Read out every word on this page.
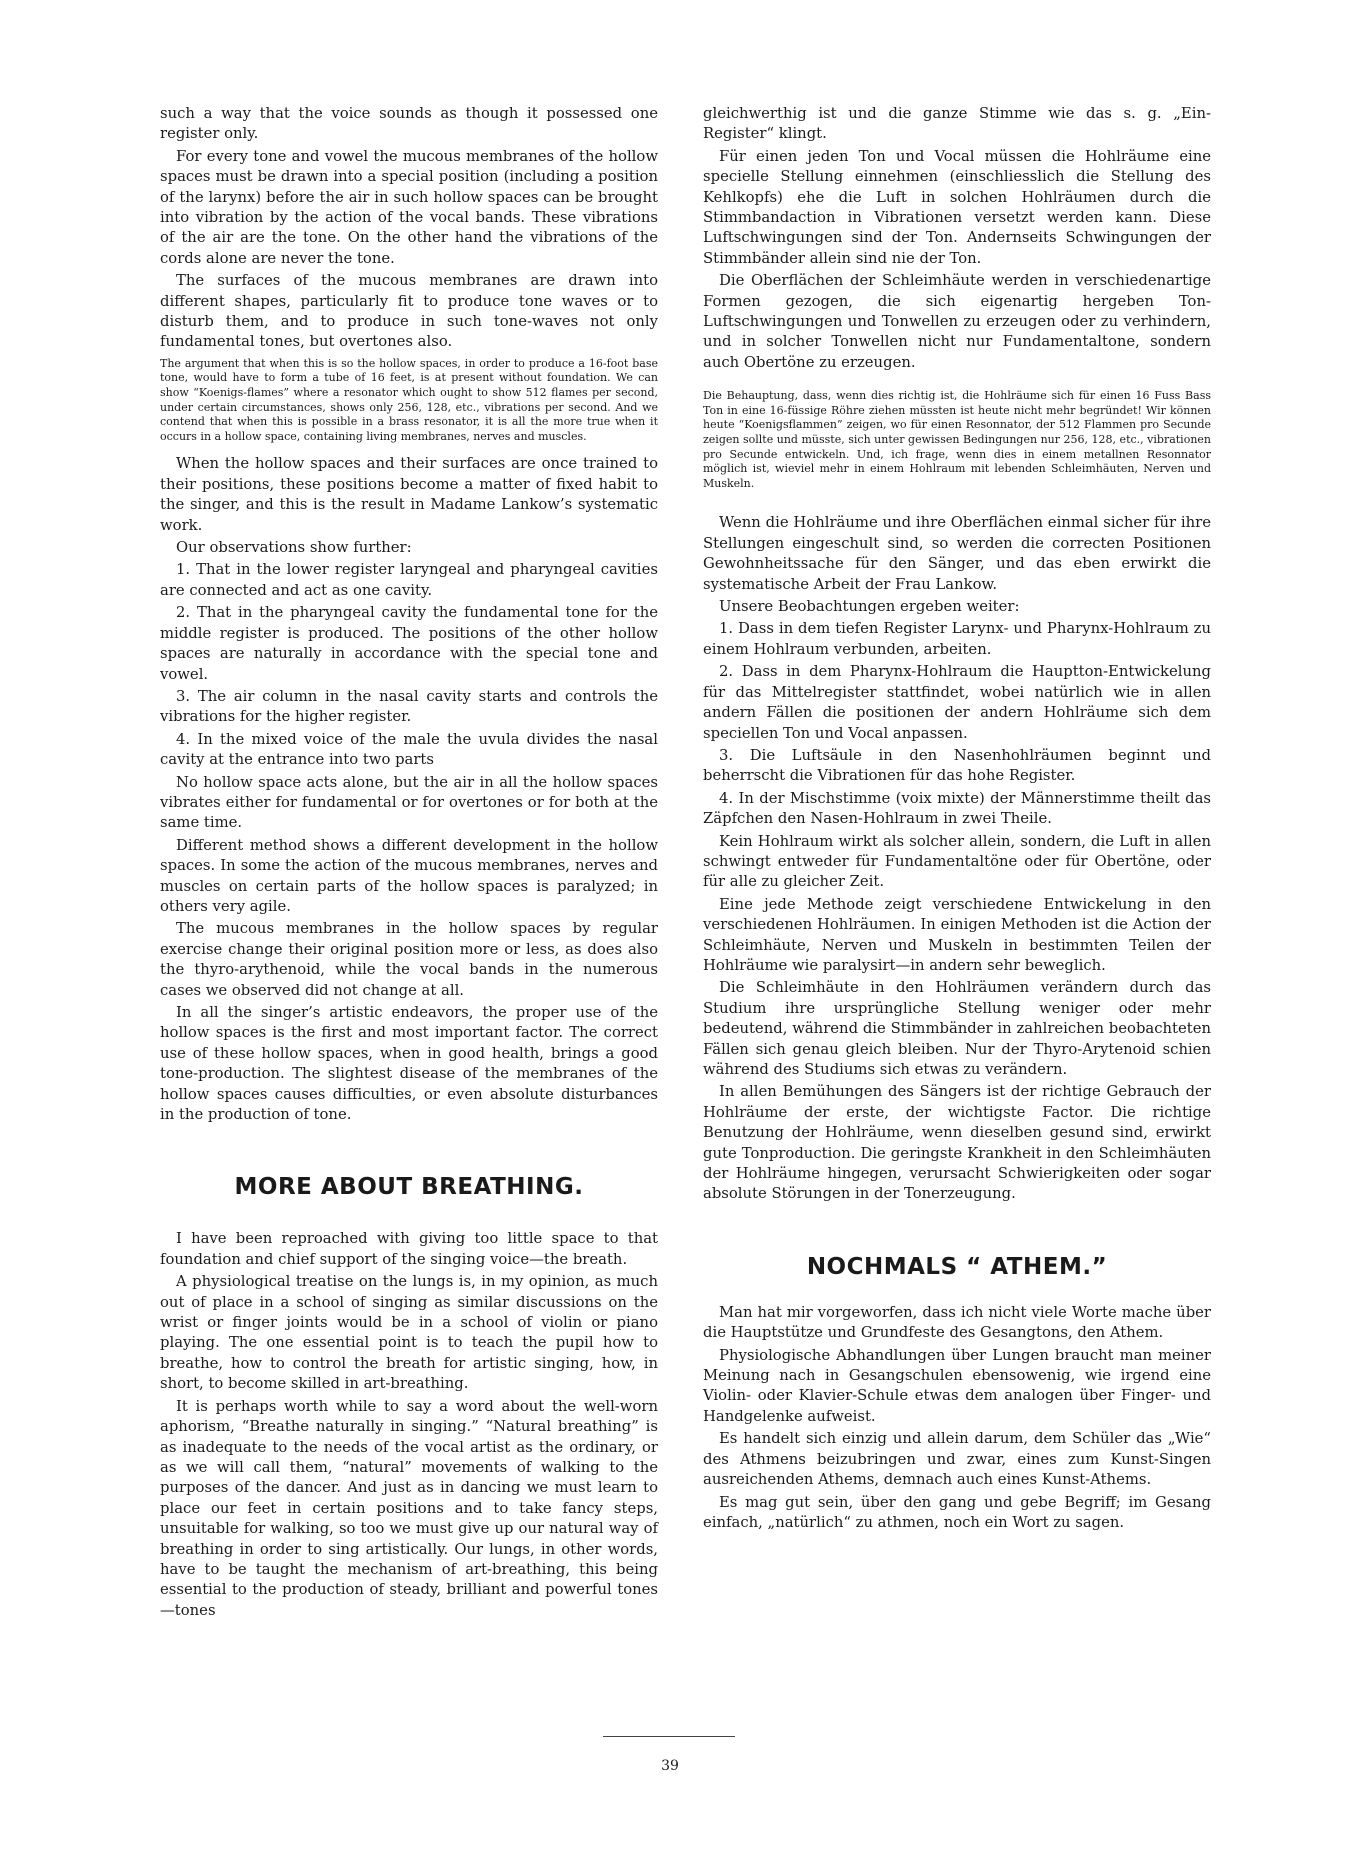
such a way that the voice sounds as though it possessed one register only.

For every tone and vowel the mucous membranes of the hollow spaces must be drawn into a special position (including a position of the larynx) before the air in such hollow spaces can be brought into vibration by the action of the vocal bands. These vibrations of the air are the tone. On the other hand the vibrations of the cords alone are never the tone.

The surfaces of the mucous membranes are drawn into different shapes, particularly fit to produce tone waves or to disturb them, and to produce in such tone-waves not only fundamental tones, but overtones also.

The argument that when this is so the hollow spaces, in order to produce a 16-foot base tone, would have to form a tube of 16 feet, is at present without foundation. We can show “Koenigs-flames” where a resonator which ought to show 512 flames per second, under certain circumstances, shows only 256, 128, etc., vibrations per second. And we contend that when this is possible in a brass resonator, it is all the more true when it occurs in a hollow space, containing living membranes, nerves and muscles.

When the hollow spaces and their surfaces are once trained to their positions, these positions become a matter of fixed habit to the singer, and this is the result in Madame Lankow’s systematic work.

Our observations show further:

1. That in the lower register laryngeal and pharyngeal cavities are connected and act as one cavity.

2. That in the pharyngeal cavity the fundamental tone for the middle register is produced. The positions of the other hollow spaces are naturally in accordance with the special tone and vowel.

3. The air column in the nasal cavity starts and controls the vibrations for the higher register.

4. In the mixed voice of the male the uvula divides the nasal cavity at the entrance into two parts

No hollow space acts alone, but the air in all the hollow spaces vibrates either for fundamental or for overtones or for both at the same time.

Different method shows a different development in the hollow spaces. In some the action of the mucous membranes, nerves and muscles on certain parts of the hollow spaces is paralyzed; in others very agile.

The mucous membranes in the hollow spaces by regular exercise change their original position more or less, as does also the thyro-arythenoid, while the vocal bands in the numerous cases we observed did not change at all.

In all the singer’s artistic endeavors, the proper use of the hollow spaces is the first and most important factor. The correct use of these hollow spaces, when in good health, brings a good tone-production. The slightest disease of the membranes of the hollow spaces causes difficulties, or even absolute disturbances in the production of tone.

MORE ABOUT BREATHING.

I have been reproached with giving too little space to that foundation and chief support of the singing voice—the breath.

A physiological treatise on the lungs is, in my opinion, as much out of place in a school of singing as similar discussions on the wrist or finger joints would be in a school of violin or piano playing. The one essential point is to teach the pupil how to breathe, how to control the breath for artistic singing, how, in short, to become skilled in art-breathing.

It is perhaps worth while to say a word about the well-worn aphorism, “Breathe naturally in singing.” “Natural breathing” is as inadequate to the needs of the vocal artist as the ordinary, or as we will call them, “natural” movements of walking to the purposes of the dancer. And just as in dancing we must learn to place our feet in certain positions and to take fancy steps, unsuitable for walking, so too we must give up our natural way of breathing in order to sing artistically. Our lungs, in other words, have to be taught the mechanism of art-breathing, this being essential to the production of steady, brilliant and powerful tones—tones

gleichwerthig ist und die ganze Stimme wie das s. g. „Ein-Register“ klingt.

Für einen jeden Ton und Vocal müssen die Hohlräume eine specielle Stellung einnehmen (einschliesslich die Stellung des Kehlkopfs) ehe die Luft in solchen Hohlräumen durch die Stimmbandaction in Vibrationen versetzt werden kann. Diese Luftschwingungen sind der Ton. Andernseits Schwingungen der Stimmbänder allein sind nie der Ton.

Die Oberflächen der Schleimhäute werden in verschiedenartige Formen gezogen, die sich eigenartig hergeben Ton-Luftschwingungen und Tonwellen zu erzeugen oder zu verhindern, und in solcher Tonwellen nicht nur Fundamentaltone, sondern auch Obertöne zu erzeugen.

Die Behauptung, dass, wenn dies richtig ist, die Hohlräume sich für einen 16 Fuss Bass Ton in eine 16-füssige Röhre ziehen müssten ist heute nicht mehr begründet! Wir können heute “Koenigsflammen” zeigen, wo für einen Resonnator, der 512 Flammen pro Secunde zeigen sollte und müsste, sich unter gewissen Bedingungen nur 256, 128, etc., vibrationen pro Secunde entwickeln. Und, ich frage, wenn dies in einem metallnen Resonnator möglich ist, wieviel mehr in einem Hohlraum mit lebenden Schleimhäuten, Nerven und Muskeln.

Wenn die Hohlräume und ihre Oberflächen einmal sicher für ihre Stellungen eingeschult sind, so werden die correcten Positionen Gewohnheitssache für den Sänger, und das eben erwirkt die systematische Arbeit der Frau Lankow.

Unsere Beobachtungen ergeben weiter:

1. Dass in dem tiefen Register Larynx- und Pharynx-Hohlraum zu einem Hohlraum verbunden, arbeiten.

2. Dass in dem Pharynx-Hohlraum die Hauptton-Entwickelung für das Mittelregister stattfindet, wobei natürlich wie in allen andern Fällen die positionen der andern Hohlräume sich dem speciellen Ton und Vocal anpassen.

3. Die Luftsäule in den Nasenhohlräumen beginnt und beherrscht die Vibrationen für das hohe Register.

4. In der Mischstimme (voix mixte) der Männerstimme theilt das Zäpfchen den Nasen-Hohlraum in zwei Theile.

Kein Hohlraum wirkt als solcher allein, sondern, die Luft in allen schwingt entweder für Fundamentaltöne oder für Obertöne, oder für alle zu gleicher Zeit.

Eine jede Methode zeigt verschiedene Entwickelung in den verschiedenen Hohlräumen. In einigen Methoden ist die Action der Schleimhäute, Nerven und Muskeln in bestimmten Teilen der Hohlräume wie paralysirt—in andern sehr beweglich.

Die Schleimhäute in den Hohlräumen verändern durch das Studium ihre ursprüngliche Stellung weniger oder mehr bedeutend, während die Stimmbänder in zahlreichen beobachteten Fällen sich genau gleich bleiben. Nur der Thyro-Arytenoid schien während des Studiums sich etwas zu verändern.

In allen Bemühungen des Sängers ist der richtige Gebrauch der Hohlräume der erste, der wichtigste Factor. Die richtige Benutzung der Hohlräume, wenn dieselben gesund sind, erwirkt gute Tonproduction. Die geringste Krankheit in den Schleimhäuten der Hohlräume hingegen, verursacht Schwierigkeiten oder sogar absolute Störungen in der Tonerzeugung.

NOCHMALS “ ATHEM.”

Man hat mir vorgeworfen, dass ich nicht viele Worte mache über die Hauptstütze und Grundfeste des Gesangtons, den Athem.

Physiologische Abhandlungen über Lungen braucht man meiner Meinung nach in Gesangschulen ebensowenig, wie irgend eine Violin- oder Klavier-Schule etwas dem analogen über Finger- und Handgelenke aufweist.

Es handelt sich einzig und allein darum, dem Schüler das „Wie“ des Athmens beizubringen und zwar, eines zum Kunst-Singen ausreichenden Athems, demnach auch eines Kunst-Athems.

Es mag gut sein, über den gang und gebe Begriff; im Gesang einfach, „natürlich“ zu athmen, noch ein Wort zu sagen.

39
